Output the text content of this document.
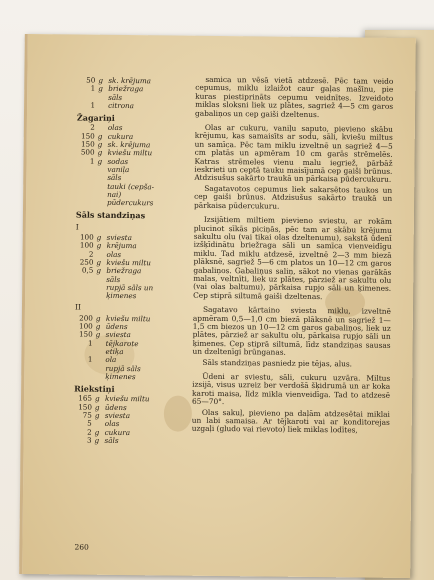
50 g sk. krējuma
1 g briežraga
sāls
1	citrona
Žagariņi
2	olas
150 g cukura
150 g sk. krējuma
500 g kviešu miltu
1 g sodas
vaniļa
sāls
tauki (cepša-
nai)
pūdercukurs
Sāls standziņas
I
100 g sviesta
100 g krējuma
2	olas
250 g kviešu miltu
0,5 g briežraga
sāls
rupjā sāls un
ķimenes
II
200 g kviešu miltu
100 g ūdens
150 g sviesta
1	tējkarote
etiķa
1	ola
rupjā sāls
ķimenes
Riekstiņi
165 g kviešu miltu
150 g ūdens
75 g sviesta
5	olas
2 g cukura
3 g sāls
samica un vēsā vietā atdzesē. Pēc tam veido cepumus, miklu izlaižot caur gaļas mašīnu, pie kuras piestiprināts cepumu veidnītes. Izveidoto miklas sloksni liek uz plātes, sagriež 4—5 cm garos gabaliņos un cep gaiši dzeltenus.
Olas ar cukuru, vaniļu saputo, pievieno skābu krējumu, kas samaisīts ar sodu, sāli, kviešu miltus un samīca. Pēc tam miklu izveltnē un sagriež 4—5 cm platās un apmēram 10 cm garās strēmelēs. Katras strēmeles vienu malu iegriež, pārbāž ieskrieti un ceptā tauku maisījumā cep gaiši brūnus. Atdzisušus sakārto traukā un pārkaisa pūdercukuru.
Sagatavotos cepumus liek sakarsētos taukos un cep gaiši brūnus. Atdzisušus sakārto traukā un pārkaisa pūdercukuru.
Izsijātiem miltiem pievieno sviestu, ar rokām plucinot sīkās piciņās, pēc tam ar skābu krējumu sakultu olu (vai tikai olas dzeltenumu), sakstā ūdenī izšķīdinātu briežraga sāli un samīca vienveidīgu miklu. Tad miklu atdzesē, izveltnē 2—3 mm biezā plāksnē, sagriež 5—6 cm platos un 10—12 cm garos gabaliņos. Gabaliņus saliņ, sākot no vienas garākās malas, veltnīti, liek uz plātes, pārziež ar sakultu olu (vai olas baltumu), pārkaisa rupjo sāli un ķimenes. Cep stiprā siltumā gaiši dzeltenas.
Sagatavo kārtaino sviesta miklu, izveltnē apmēram 0,5—1,0 cm biezā plāksnē un sagriež 1—1,5 cm biezos un 10—12 cm garos gabaliņos, liek uz plātes, pārziež ar sakultu olu, pārkaisa rupjo sāli un ķimenes. Cep stiprā siltumā, līdz standziņas sausas un dzeltenīgi brūnganas.
Sāls standziņas pasniedz pie tējas, alus.
Ūdeni ar sviestu, sāli, cukuru uzvāra. Miltus izsijā, visus uzreiz ber verdošā šķidrumā un ar koka karoti maisa, līdz mikla vienveidīga. Tad to atdzesē 65—70°.
Olas sakuļ, pievieno pa daļām atdzesētai miklai un labi samaisa. Ar tējkaroti vai ar konditorejas uzgaļi (gludo vai rievoto) liek miklas lodītes,
260
